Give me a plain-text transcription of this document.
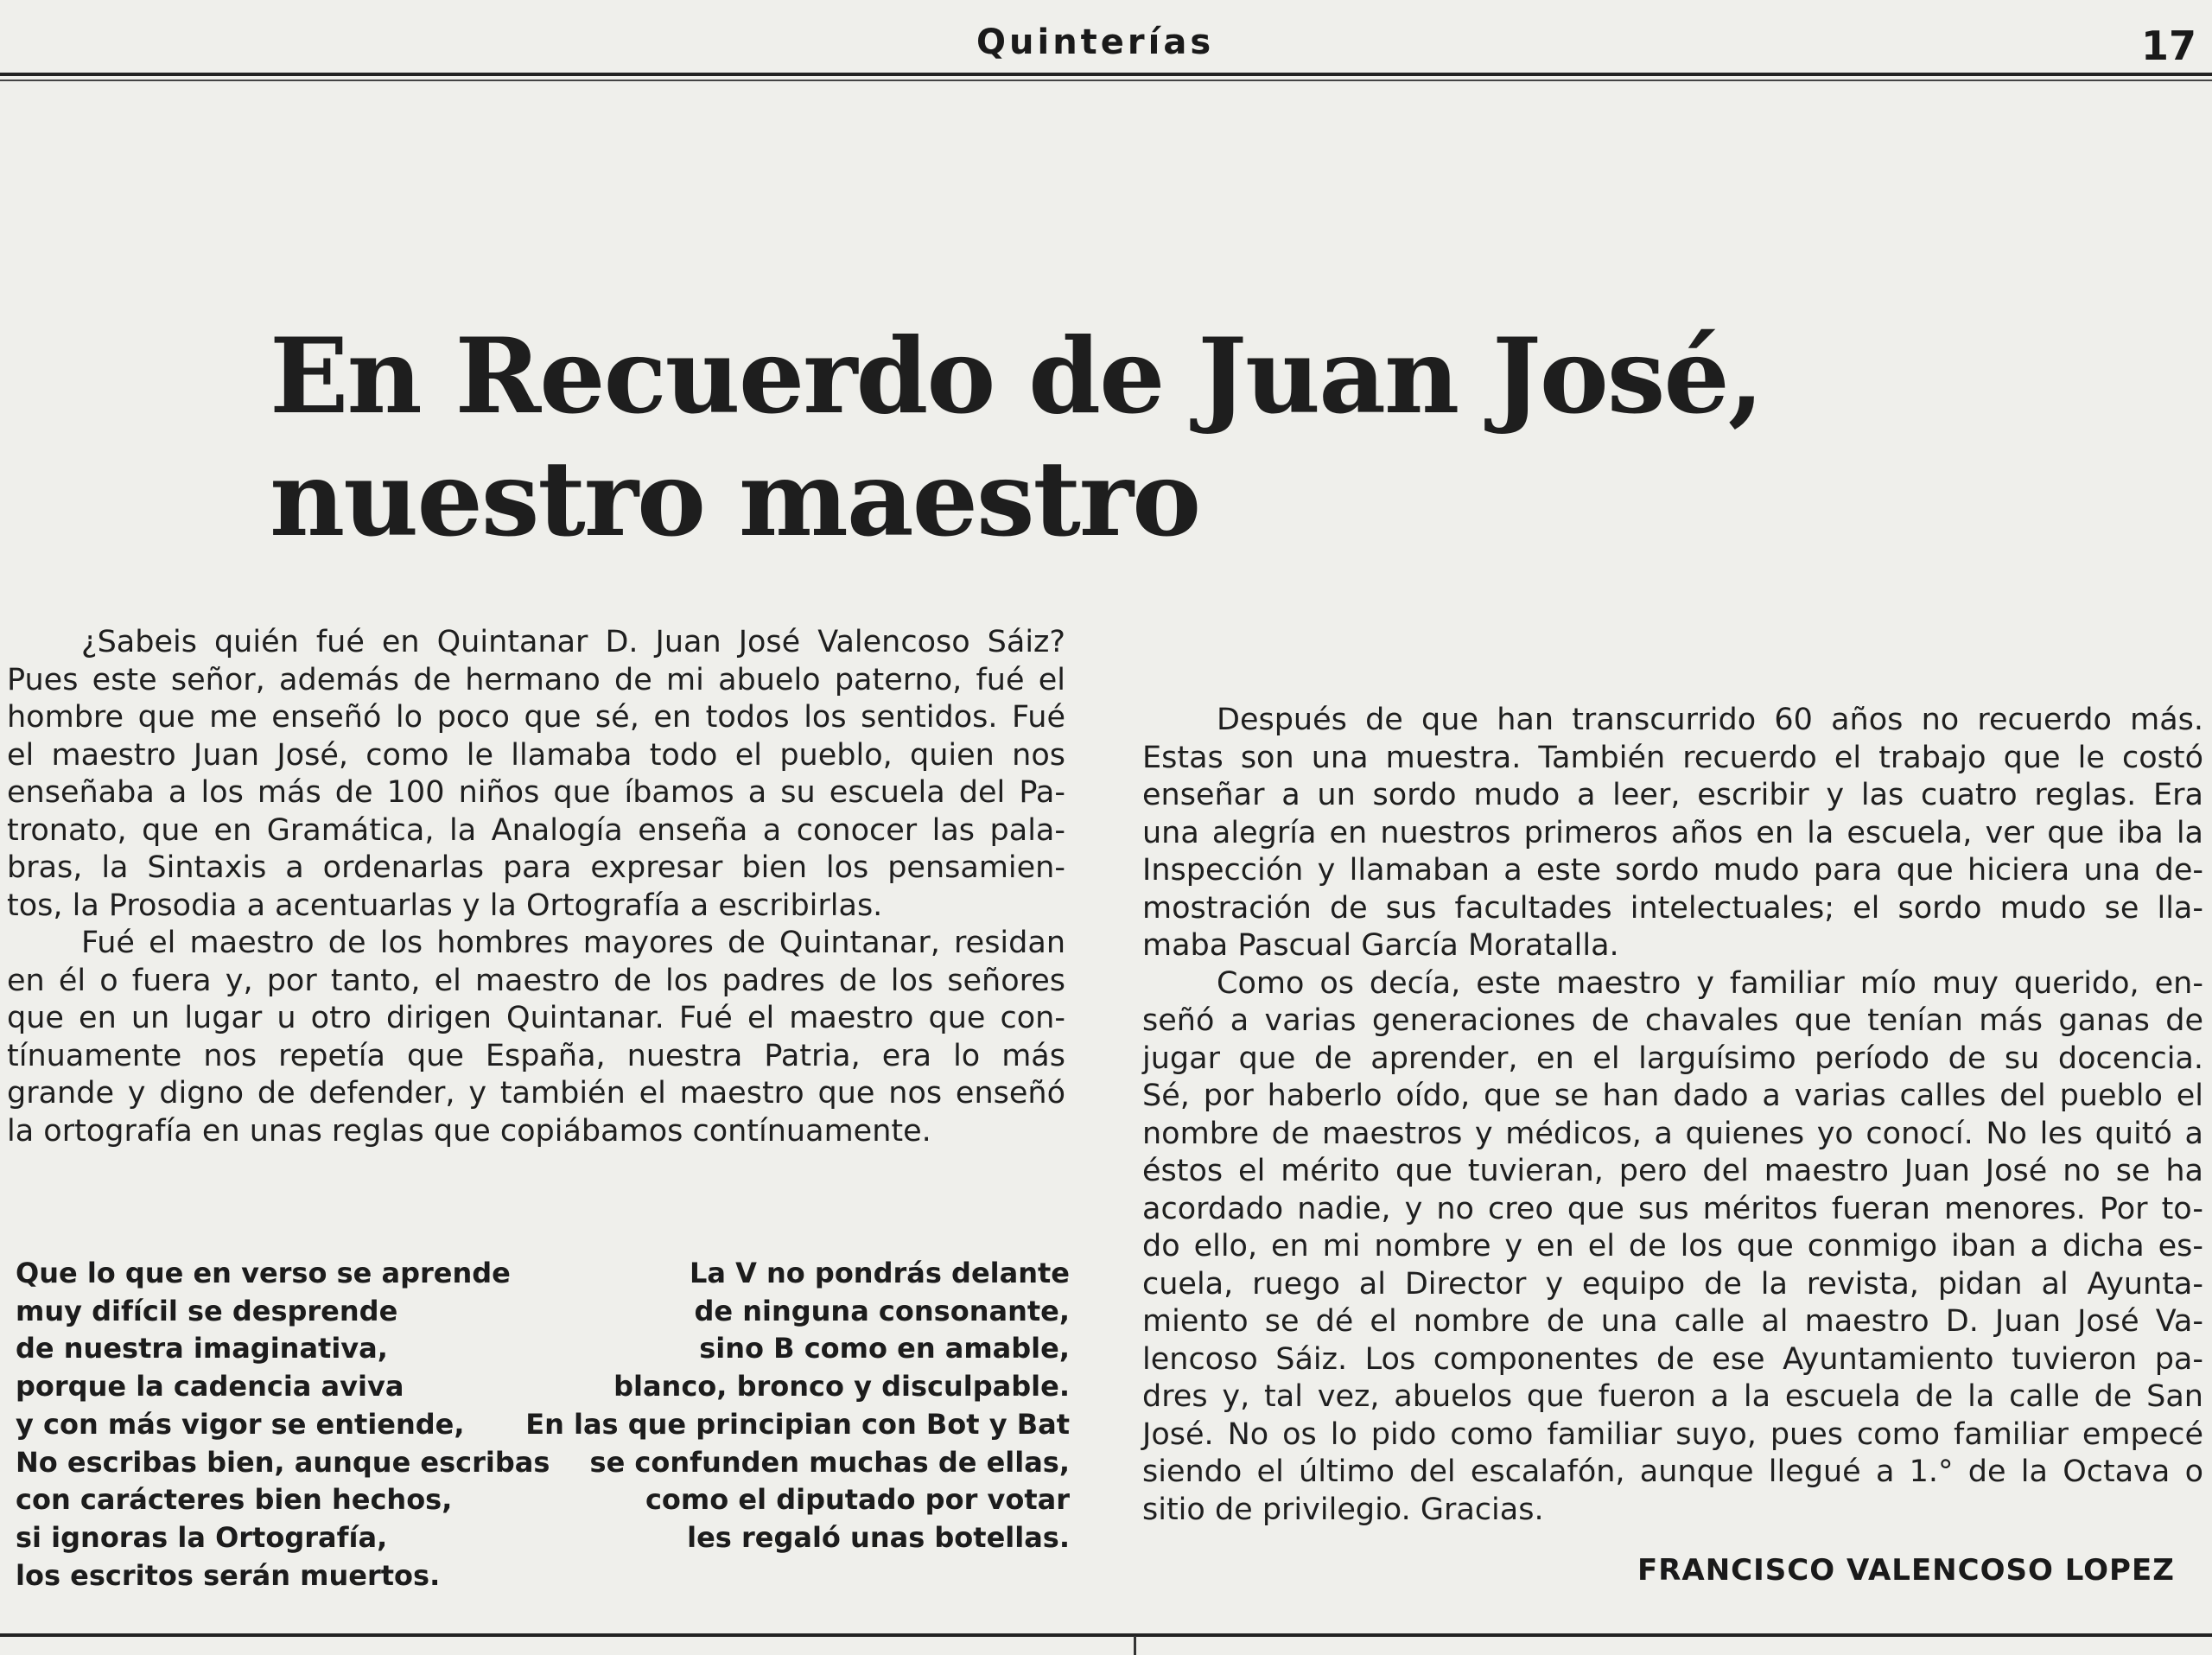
Quinterías	17
En Recuerdo de Juan José,
nuestro maestro
¿Sabeis quién fué en Quintanar D. Juan José Valencoso Sáiz?
Pues este señor, además de hermano de mi abuelo paterno, fué el
hombre que me enseñó lo poco que sé, en todos los sentidos. Fué
el maestro Juan José, como le llamaba todo el pueblo, quien nos
enseñaba a los más de 100 niños que íbamos a su escuela del Pa-
tronato, que en Gramática, la Analogía enseña a conocer las pala-
bras, la Sintaxis a ordenarlas para expresar bien los pensamien-
tos, la Prosodia a acentuarlas y la Ortografía a escribirlas.
Fué el maestro de los hombres mayores de Quintanar, residan
en él o fuera y, por tanto, el maestro de los padres de los señores
que en un lugar u otro dirigen Quintanar. Fué el maestro que con-
tínuamente nos repetía que España, nuestra Patria, era lo más
grande y digno de defender, y también el maestro que nos enseñó
la ortografía en unas reglas que copiábamos contínuamente.
Que lo que en verso se aprende
muy difícil se desprende
de nuestra imaginativa,
porque la cadencia aviva
y con más vigor se entiende,
No escribas bien, aunque escribas
con carácteres bien hechos,
si ignoras la Ortografía,
los escritos serán muertos.
La V no pondrás delante
de ninguna consonante,
sino B como en amable,
blanco, bronco y disculpable.
En las que principian con Bot y Bat
se confunden muchas de ellas,
como el diputado por votar
les regaló unas botellas.
Después de que han transcurrido 60 años no recuerdo más.
Estas son una muestra. También recuerdo el trabajo que le costó
enseñar a un sordo mudo a leer, escribir y las cuatro reglas. Era
una alegría en nuestros primeros años en la escuela, ver que iba la
Inspección y llamaban a este sordo mudo para que hiciera una de-
mostración de sus facultades intelectuales; el sordo mudo se lla-
maba Pascual García Moratalla.
Como os decía, este maestro y familiar mío muy querido, en-
señó a varias generaciones de chavales que tenían más ganas de
jugar que de aprender, en el larguísimo período de su docencia.
Sé, por haberlo oído, que se han dado a varias calles del pueblo el
nombre de maestros y médicos, a quienes yo conocí. No les quitó a
éstos el mérito que tuvieran, pero del maestro Juan José no se ha
acordado nadie, y no creo que sus méritos fueran menores. Por to-
do ello, en mi nombre y en el de los que conmigo iban a dicha es-
cuela, ruego al Director y equipo de la revista, pidan al Ayunta-
miento se dé el nombre de una calle al maestro D. Juan José Va-
lencoso Sáiz. Los componentes de ese Ayuntamiento tuvieron pa-
dres y, tal vez, abuelos que fueron a la escuela de la calle de San
José. No os lo pido como familiar suyo, pues como familiar empecé
siendo el último del escalafón, aunque llegué a 1.° de la Octava o
sitio de privilegio. Gracias.
FRANCISCO VALENCOSO LOPEZ
